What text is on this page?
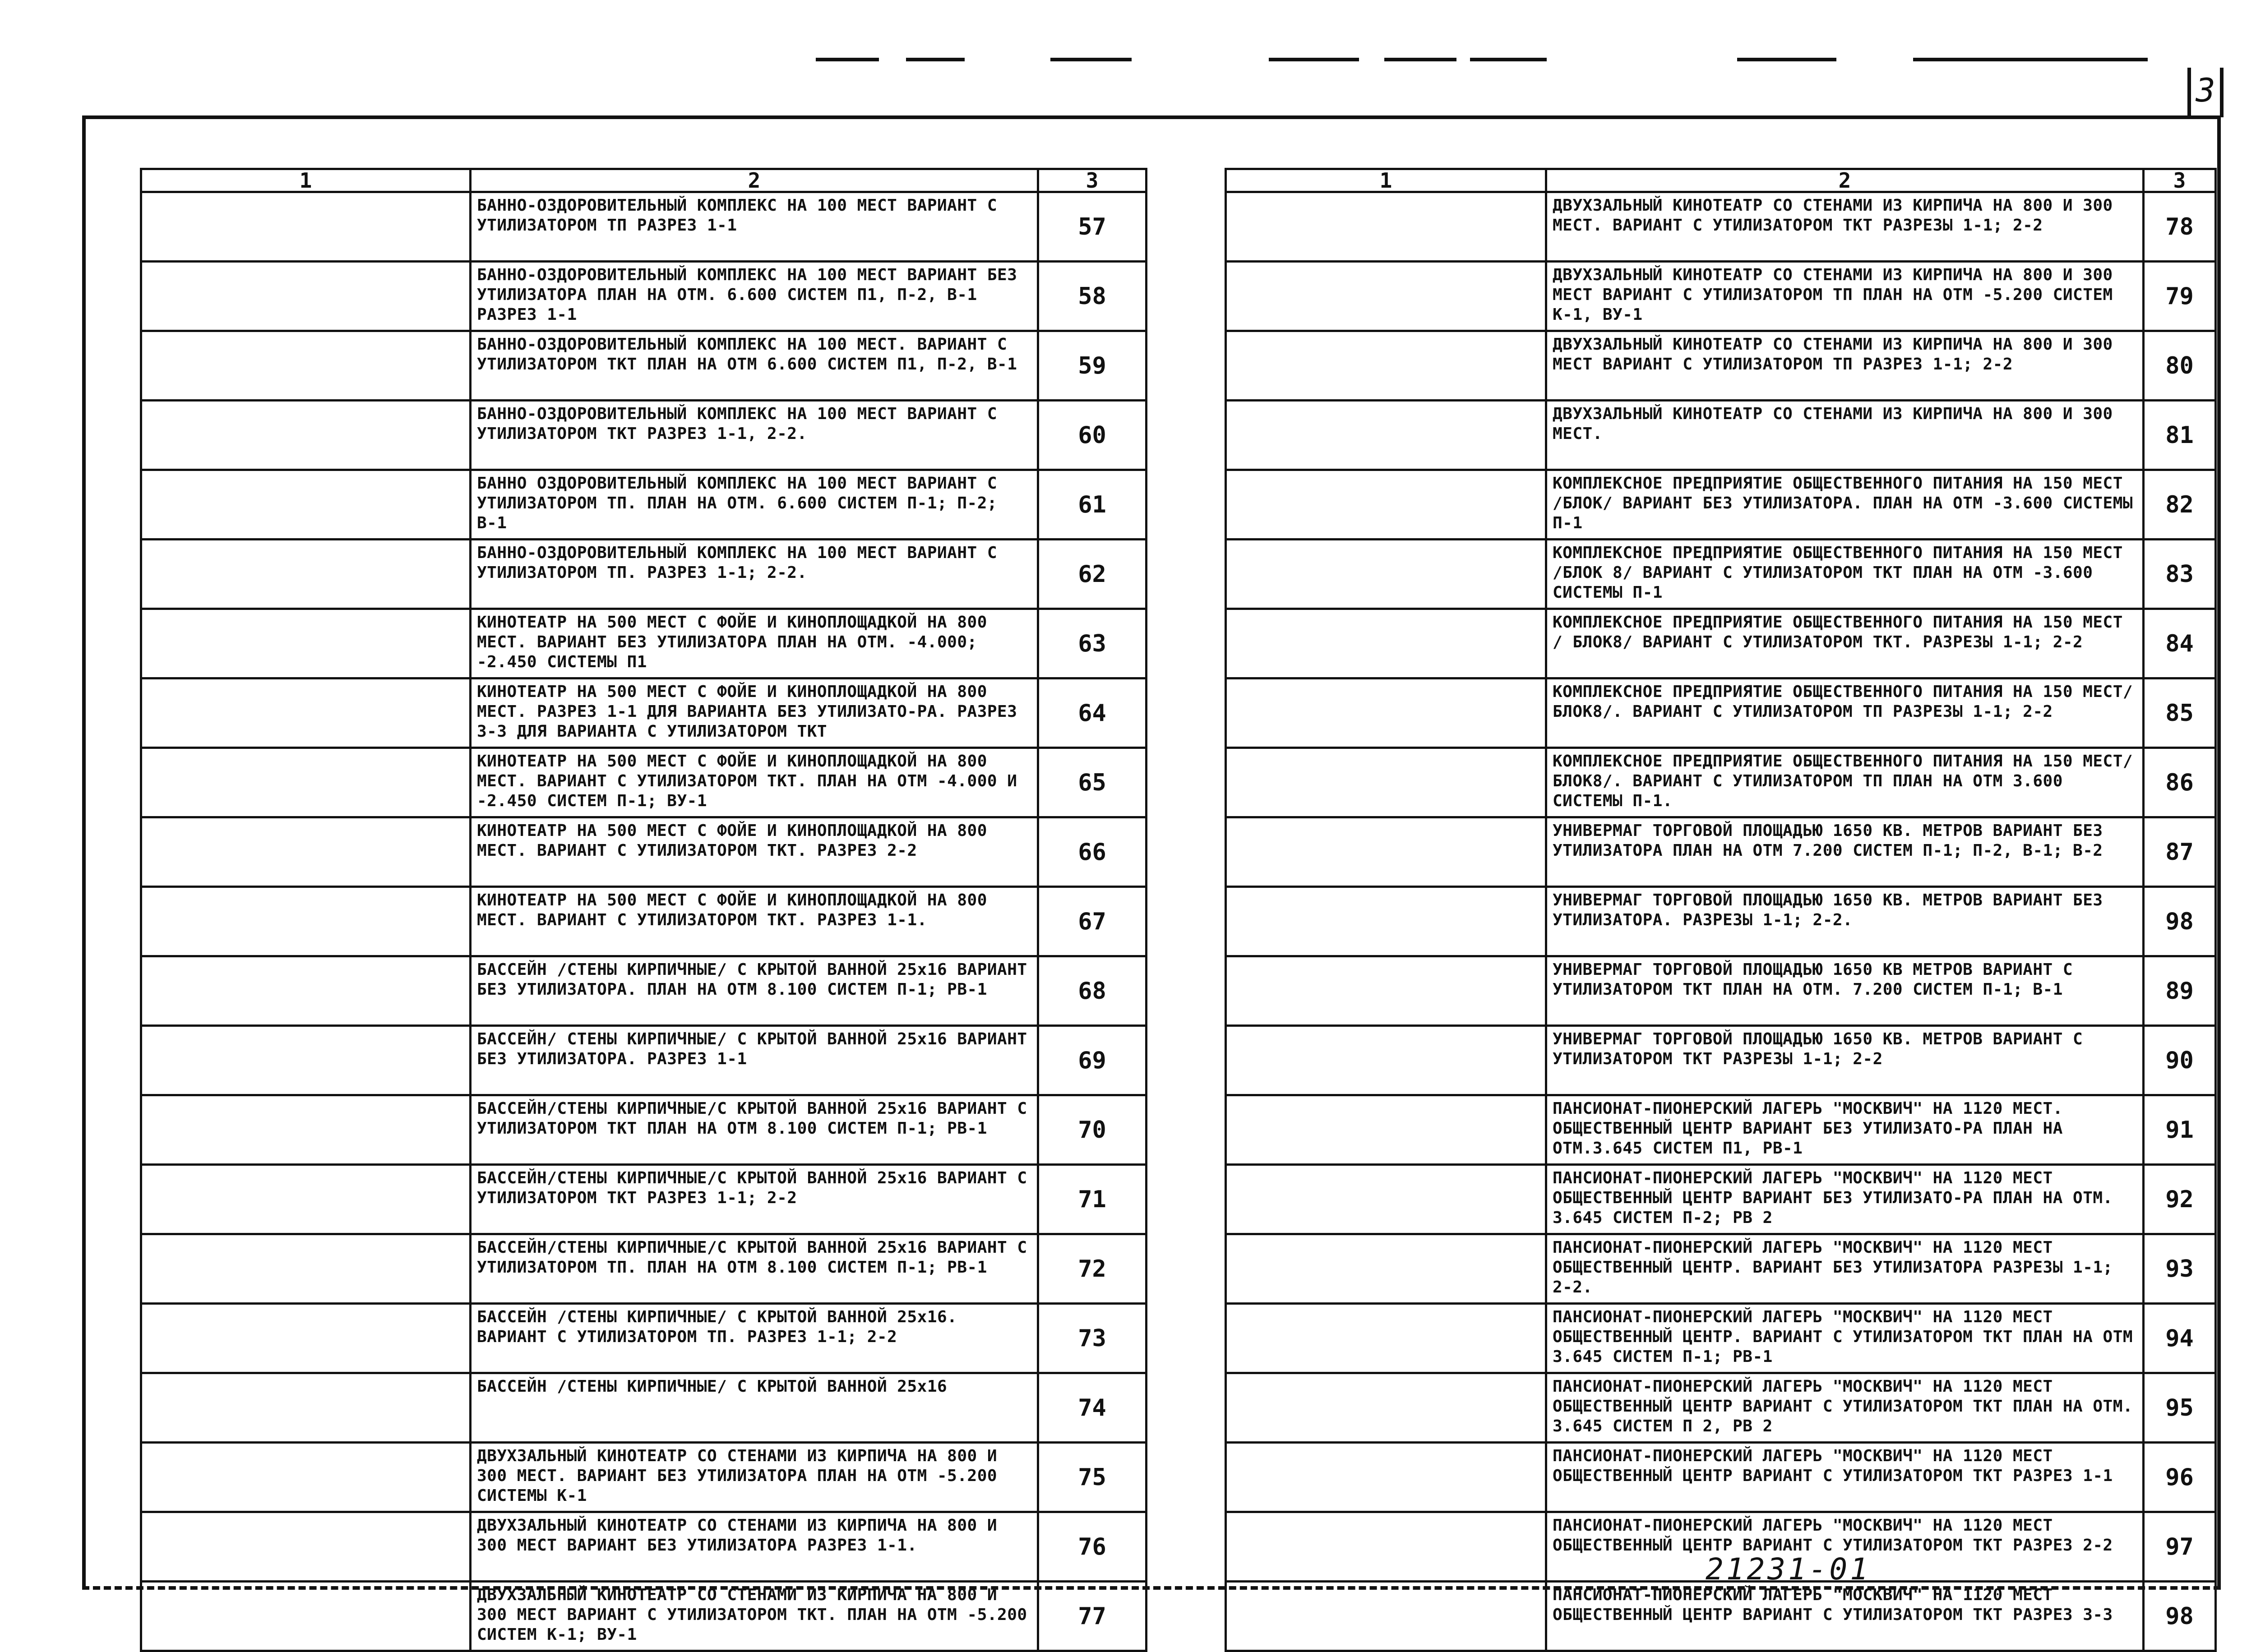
3
1	2	3
	БАННО-ОЗДОРОВИТЕЛЬНЫЙ КОМПЛЕКС НА 100 МЕСТ ВАРИАНТ С УТИЛИЗАТОРОМ ТП РАЗРЕЗ 1-1	57
	БАННО-ОЗДОРОВИТЕЛЬНЫЙ КОМПЛЕКС НА 100 МЕСТ ВАРИАНТ БЕЗ УТИЛИЗАТОРА ПЛАН НА ОТМ. 6.600 СИСТЕМ П1, П-2, В-1 РАЗРЕЗ 1-1	58
	БАННО-ОЗДОРОВИТЕЛЬНЫЙ КОМПЛЕКС НА 100 МЕСТ. ВАРИАНТ С УТИЛИЗАТОРОМ ТКТ ПЛАН НА ОТМ 6.600 СИСТЕМ П1, П-2, В-1	59
	БАННО-ОЗДОРОВИТЕЛЬНЫЙ КОМПЛЕКС НА 100 МЕСТ ВАРИАНТ С УТИЛИЗАТОРОМ ТКТ РАЗРЕЗ 1-1, 2-2.	60
	БАННО ОЗДОРОВИТЕЛЬНЫЙ КОМПЛЕКС НА 100 МЕСТ ВАРИАНТ С УТИЛИЗАТОРОМ ТП. ПЛАН НА ОТМ. 6.600 СИСТЕМ П-1; П-2; В-1	61
	БАННО-ОЗДОРОВИТЕЛЬНЫЙ КОМПЛЕКС НА 100 МЕСТ ВАРИАНТ С УТИЛИЗАТОРОМ ТП. РАЗРЕЗ 1-1; 2-2.	62
	КИНОТЕАТР НА 500 МЕСТ С ФОЙЕ И КИНОПЛОЩАДКОЙ НА 800 МЕСТ. ВАРИАНТ БЕЗ УТИЛИЗАТОРА ПЛАН НА ОТМ. -4.000; -2.450 СИСТЕМЫ П1	63
	КИНОТЕАТР НА 500 МЕСТ С ФОЙЕ И КИНОПЛОЩАДКОЙ НА 800 МЕСТ. РАЗРЕЗ 1-1 ДЛЯ ВАРИАНТА БЕЗ УТИЛИЗАТО-РА. РАЗРЕЗ 3-3 ДЛЯ ВАРИАНТА С УТИЛИЗАТОРОМ ТКТ	64
	КИНОТЕАТР НА 500 МЕСТ С ФОЙЕ И КИНОПЛОЩАДКОЙ НА 800 МЕСТ. ВАРИАНТ С УТИЛИЗАТОРОМ ТКТ. ПЛАН НА ОТМ -4.000 И -2.450 СИСТЕМ П-1; ВУ-1	65
	КИНОТЕАТР НА 500 МЕСТ С ФОЙЕ И КИНОПЛОЩАДКОЙ НА 800 МЕСТ. ВАРИАНТ С УТИЛИЗАТОРОМ ТКТ. РАЗРЕЗ 2-2	66
	КИНОТЕАТР НА 500 МЕСТ С ФОЙЕ И КИНОПЛОЩАДКОЙ НА 800 МЕСТ. ВАРИАНТ С УТИЛИЗАТОРОМ ТКТ. РАЗРЕЗ 1-1.	67
	БАССЕЙН /СТЕНЫ КИРПИЧНЫЕ/ С КРЫТОЙ ВАННОЙ 25х16 ВАРИАНТ БЕЗ УТИЛИЗАТОРА. ПЛАН НА ОТМ 8.100 СИСТЕМ П-1; РВ-1	68
	БАССЕЙН/ СТЕНЫ КИРПИЧНЫЕ/ С КРЫТОЙ ВАННОЙ 25х16 ВАРИАНТ БЕЗ УТИЛИЗАТОРА. РАЗРЕЗ 1-1	69
	БАССЕЙН/СТЕНЫ КИРПИЧНЫЕ/С КРЫТОЙ ВАННОЙ 25х16 ВАРИАНТ С УТИЛИЗАТОРОМ ТКТ ПЛАН НА ОТМ 8.100 СИСТЕМ П-1; РВ-1	70
	БАССЕЙН/СТЕНЫ КИРПИЧНЫЕ/С КРЫТОЙ ВАННОЙ 25х16 ВАРИАНТ С УТИЛИЗАТОРОМ ТКТ РАЗРЕЗ 1-1; 2-2	71
	БАССЕЙН/СТЕНЫ КИРПИЧНЫЕ/С КРЫТОЙ ВАННОЙ 25х16 ВАРИАНТ С УТИЛИЗАТОРОМ ТП. ПЛАН НА ОТМ 8.100 СИСТЕМ П-1; РВ-1	72
	БАССЕЙН /СТЕНЫ КИРПИЧНЫЕ/ С КРЫТОЙ ВАННОЙ 25х16. ВАРИАНТ С УТИЛИЗАТОРОМ ТП. РАЗРЕЗ 1-1; 2-2	73
	БАССЕЙН /СТЕНЫ КИРПИЧНЫЕ/ С КРЫТОЙ ВАННОЙ 25х16	74
	ДВУХЗАЛЬНЫЙ КИНОТЕАТР СО СТЕНАМИ ИЗ КИРПИЧА НА 800 И 300 МЕСТ. ВАРИАНТ БЕЗ УТИЛИЗАТОРА ПЛАН НА ОТМ -5.200 СИСТЕМЫ К-1	75
	ДВУХЗАЛЬНЫЙ КИНОТЕАТР СО СТЕНАМИ ИЗ КИРПИЧА НА 800 И 300 МЕСТ ВАРИАНТ БЕЗ УТИЛИЗАТОРА РАЗРЕЗ 1-1.	76
	ДВУХЗАЛЬНЫЙ КИНОТЕАТР СО СТЕНАМИ ИЗ КИРПИЧА НА 800 И 300 МЕСТ ВАРИАНТ С УТИЛИЗАТОРОМ ТКТ. ПЛАН НА ОТМ -5.200 СИСТЕМ К-1; ВУ-1	77
1	2	3
	ДВУХЗАЛЬНЫЙ КИНОТЕАТР СО СТЕНАМИ ИЗ КИРПИЧА НА 800 И 300 МЕСТ. ВАРИАНТ С УТИЛИЗАТОРОМ ТКТ РАЗРЕЗЫ 1-1; 2-2	78
	ДВУХЗАЛЬНЫЙ КИНОТЕАТР СО СТЕНАМИ ИЗ КИРПИЧА НА 800 И 300 МЕСТ ВАРИАНТ С УТИЛИЗАТОРОМ ТП ПЛАН НА ОТМ -5.200 СИСТЕМ К-1, ВУ-1	79
	ДВУХЗАЛЬНЫЙ КИНОТЕАТР СО СТЕНАМИ ИЗ КИРПИЧА НА 800 И 300 МЕСТ ВАРИАНТ С УТИЛИЗАТОРОМ ТП РАЗРЕЗ 1-1; 2-2	80
	ДВУХЗАЛЬНЫЙ КИНОТЕАТР СО СТЕНАМИ ИЗ КИРПИЧА НА 800 И 300 МЕСТ.	81
	КОМПЛЕКСНОЕ ПРЕДПРИЯТИЕ ОБЩЕСТВЕННОГО ПИТАНИЯ НА 150 МЕСТ /БЛОК/ ВАРИАНТ БЕЗ УТИЛИЗАТОРА. ПЛАН НА ОТМ -3.600 СИСТЕМЫ П-1	82
	КОМПЛЕКСНОЕ ПРЕДПРИЯТИЕ ОБЩЕСТВЕННОГО ПИТАНИЯ НА 150 МЕСТ /БЛОК 8/ ВАРИАНТ С УТИЛИЗАТОРОМ ТКТ ПЛАН НА ОТМ -3.600 СИСТЕМЫ П-1	83
	КОМПЛЕКСНОЕ ПРЕДПРИЯТИЕ ОБЩЕСТВЕННОГО ПИТАНИЯ НА 150 МЕСТ / БЛОК8/ ВАРИАНТ С УТИЛИЗАТОРОМ ТКТ. РАЗРЕЗЫ 1-1; 2-2	84
	КОМПЛЕКСНОЕ ПРЕДПРИЯТИЕ ОБЩЕСТВЕННОГО ПИТАНИЯ НА 150 МЕСТ/БЛОК8/. ВАРИАНТ С УТИЛИЗАТОРОМ ТП РАЗРЕЗЫ 1-1; 2-2	85
	КОМПЛЕКСНОЕ ПРЕДПРИЯТИЕ ОБЩЕСТВЕННОГО ПИТАНИЯ НА 150 МЕСТ/БЛОК8/. ВАРИАНТ С УТИЛИЗАТОРОМ ТП ПЛАН НА ОТМ 3.600 СИСТЕМЫ П-1.	86
	УНИВЕРМАГ ТОРГОВОЙ ПЛОЩАДЬЮ 1650 КВ. МЕТРОВ ВАРИАНТ БЕЗ УТИЛИЗАТОРА ПЛАН НА ОТМ 7.200 СИСТЕМ П-1; П-2, В-1; В-2	87
	УНИВЕРМАГ ТОРГОВОЙ ПЛОЩАДЬЮ 1650 КВ. МЕТРОВ ВАРИАНТ БЕЗ УТИЛИЗАТОРА. РАЗРЕЗЫ 1-1; 2-2.	98
	УНИВЕРМАГ ТОРГОВОЙ ПЛОЩАДЬЮ 1650 КВ МЕТРОВ ВАРИАНТ С УТИЛИЗАТОРОМ ТКТ ПЛАН НА ОТМ. 7.200 СИСТЕМ П-1; В-1	89
	УНИВЕРМАГ ТОРГОВОЙ ПЛОЩАДЬЮ 1650 КВ. МЕТРОВ ВАРИАНТ С УТИЛИЗАТОРОМ ТКТ РАЗРЕЗЫ 1-1; 2-2	90
	ПАНСИОНАТ-ПИОНЕРСКИЙ ЛАГЕРЬ "МОСКВИЧ" НА 1120 МЕСТ. ОБЩЕСТВЕННЫЙ ЦЕНТР ВАРИАНТ БЕЗ УТИЛИЗАТО-РА ПЛАН НА ОТМ.3.645 СИСТЕМ П1, РВ-1	91
	ПАНСИОНАТ-ПИОНЕРСКИЙ ЛАГЕРЬ "МОСКВИЧ" НА 1120 МЕСТ ОБЩЕСТВЕННЫЙ ЦЕНТР ВАРИАНТ БЕЗ УТИЛИЗАТО-РА ПЛАН НА ОТМ. 3.645 СИСТЕМ П-2; РВ 2	92
	ПАНСИОНАТ-ПИОНЕРСКИЙ ЛАГЕРЬ "МОСКВИЧ" НА 1120 МЕСТ ОБЩЕСТВЕННЫЙ ЦЕНТР. ВАРИАНТ БЕЗ УТИЛИЗАТОРА РАЗРЕЗЫ 1-1; 2-2.	93
	ПАНСИОНАТ-ПИОНЕРСКИЙ ЛАГЕРЬ "МОСКВИЧ" НА 1120 МЕСТ ОБЩЕСТВЕННЫЙ ЦЕНТР. ВАРИАНТ С УТИЛИЗАТОРОМ ТКТ ПЛАН НА ОТМ 3.645 СИСТЕМ П-1; РВ-1	94
	ПАНСИОНАТ-ПИОНЕРСКИЙ ЛАГЕРЬ "МОСКВИЧ" НА 1120 МЕСТ ОБЩЕСТВЕННЫЙ ЦЕНТР ВАРИАНТ С УТИЛИЗАТОРОМ ТКТ ПЛАН НА ОТМ. 3.645 СИСТЕМ П 2, РВ 2	95
	ПАНСИОНАТ-ПИОНЕРСКИЙ ЛАГЕРЬ "МОСКВИЧ" НА 1120 МЕСТ ОБЩЕСТВЕННЫЙ ЦЕНТР ВАРИАНТ С УТИЛИЗАТОРОМ ТКТ РАЗРЕЗ 1-1	96
	ПАНСИОНАТ-ПИОНЕРСКИЙ ЛАГЕРЬ "МОСКВИЧ" НА 1120 МЕСТ ОБЩЕСТВЕННЫЙ ЦЕНТР ВАРИАНТ С УТИЛИЗАТОРОМ ТКТ РАЗРЕЗ 2-2	97
	ПАНСИОНАТ-ПИОНЕРСКИЙ ЛАГЕРЬ "МОСКВИЧ" НА 1120 МЕСТ ОБЩЕСТВЕННЫЙ ЦЕНТР ВАРИАНТ С УТИЛИЗАТОРОМ ТКТ РАЗРЕЗ 3-3	98
21231-01
